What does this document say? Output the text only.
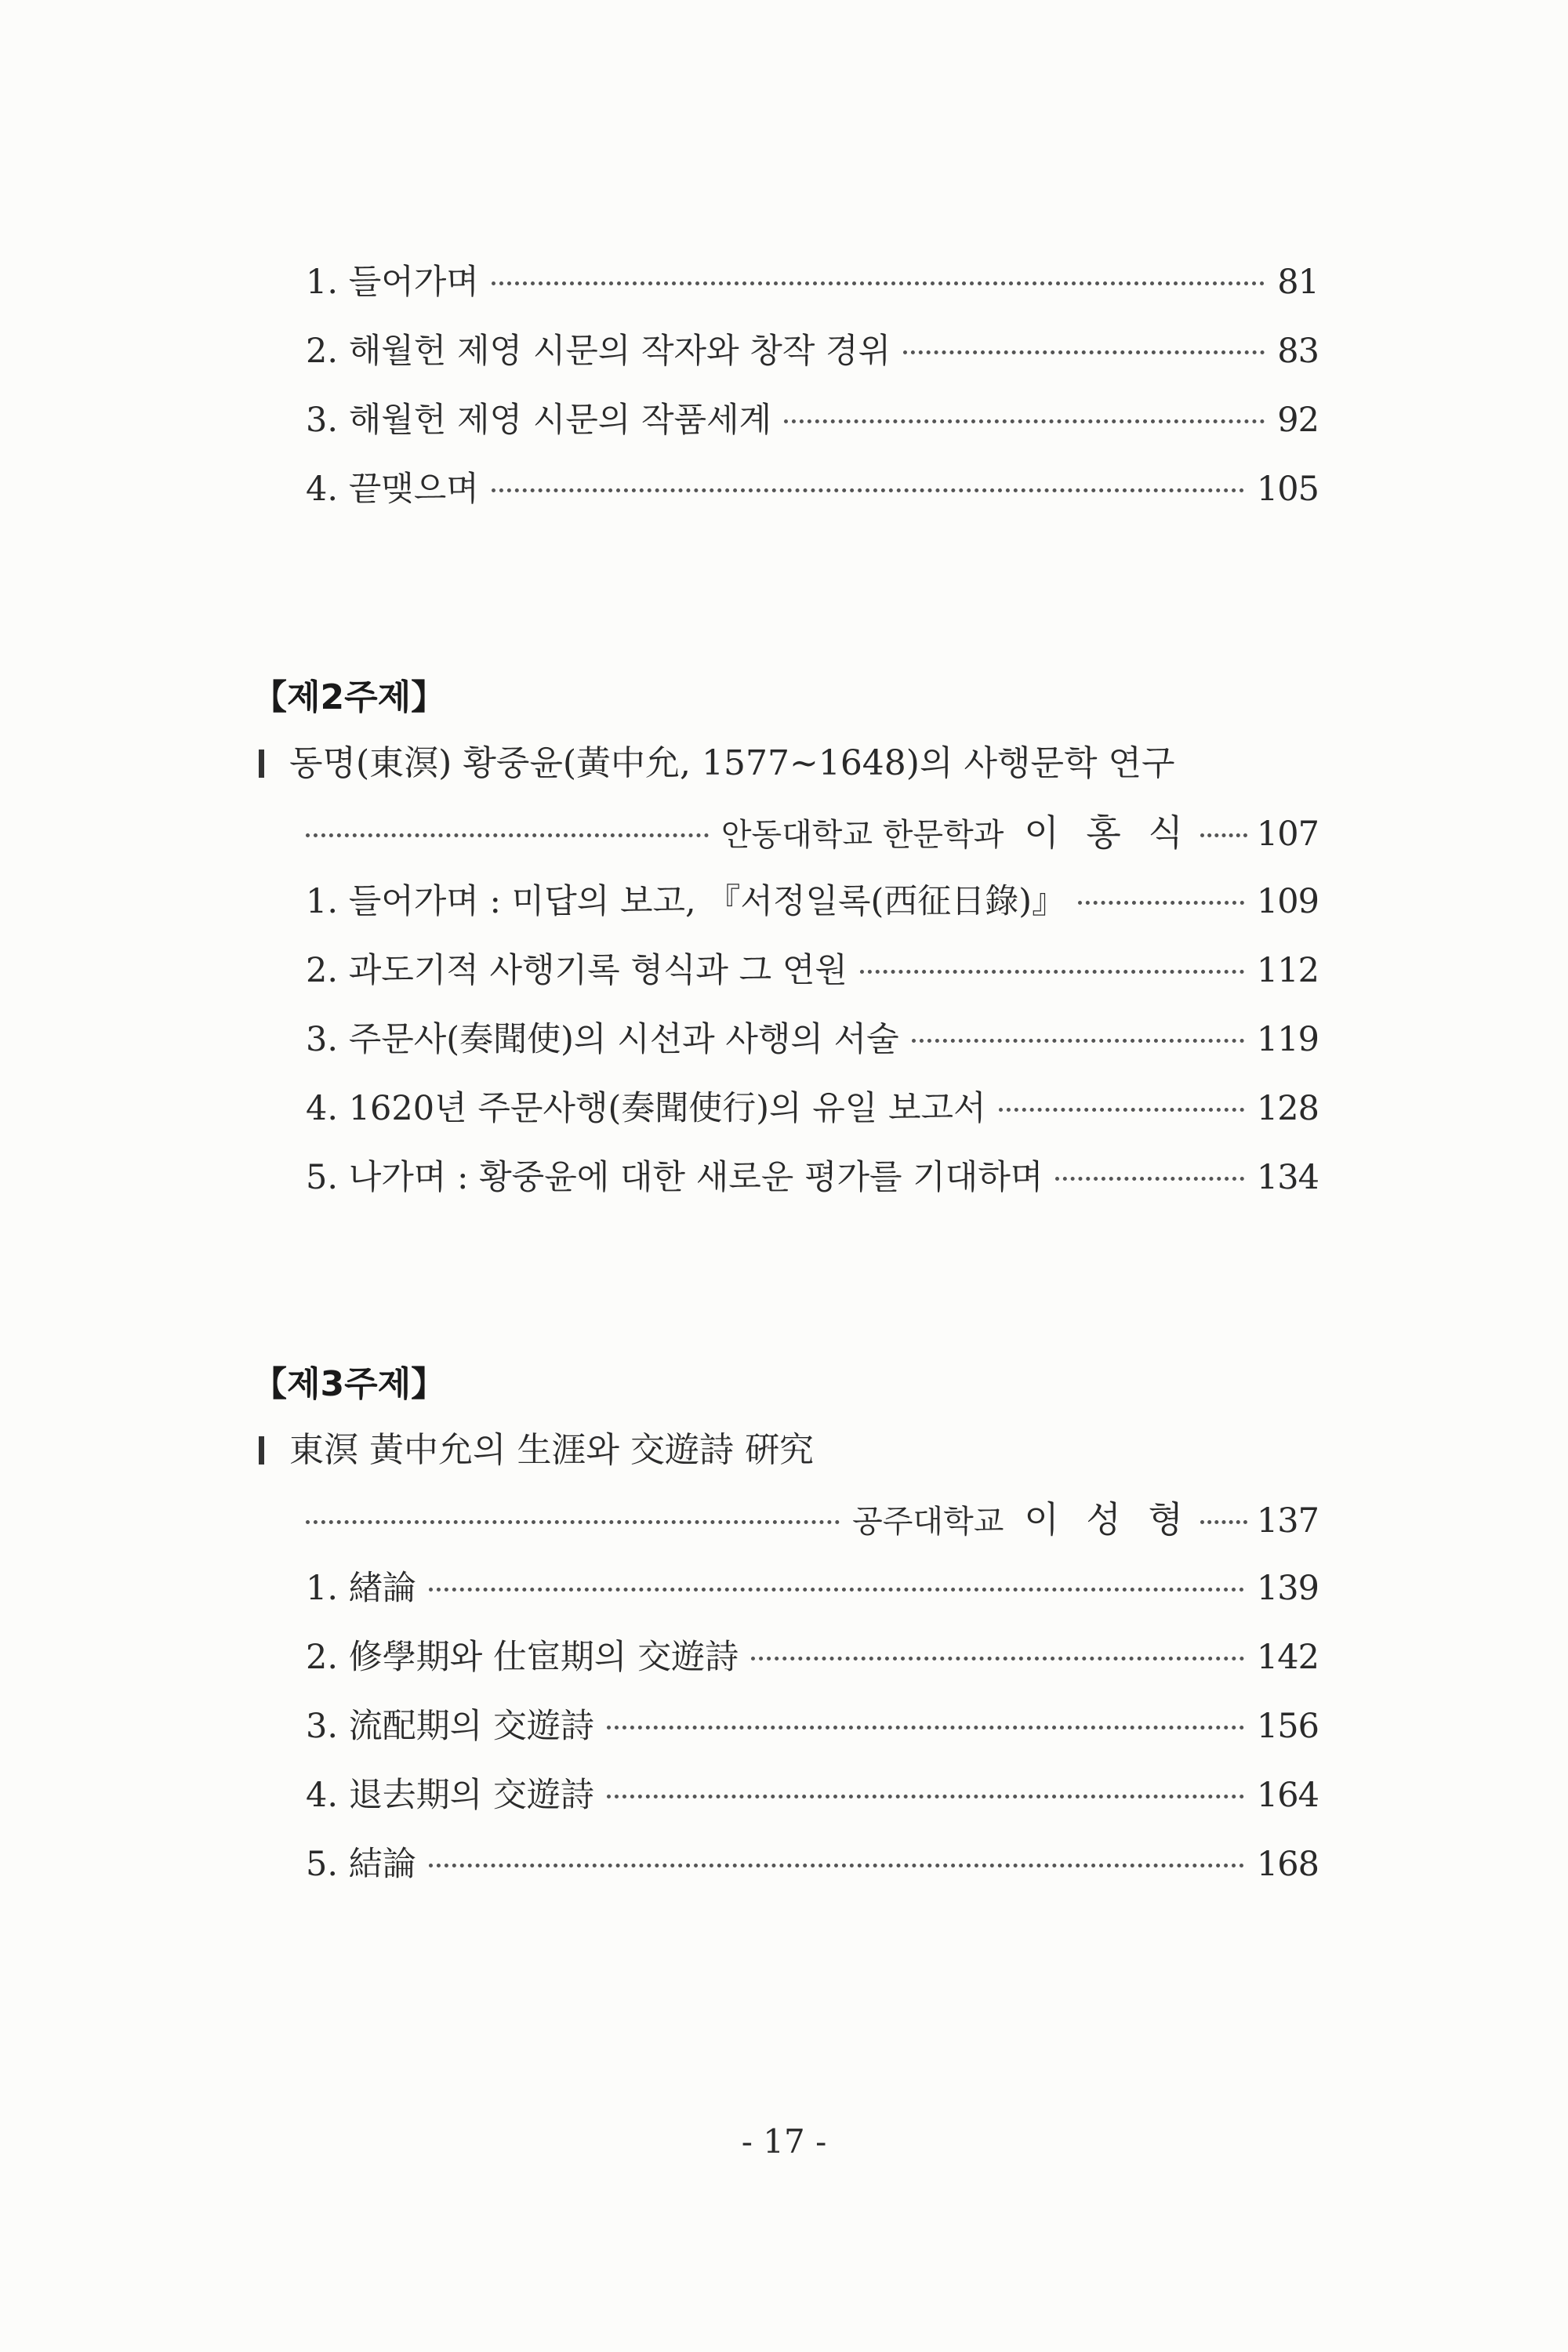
1. 들어가며	81
2. 해월헌 제영 시문의 작자와 창작 경위	83
3. 해월헌 제영 시문의 작품세계	92
4. 끝맺으며	105
【제2주제】
동명(東溟) 황중윤(黃中允, 1577~1648)의 사행문학 연구
안동대학교 한문학과 이 홍 식 107
1. 들어가며 : 미답의 보고, 『서정일록(西征日錄)』	109
2. 과도기적 사행기록 형식과 그 연원	112
3. 주문사(奏聞使)의 시선과 사행의 서술	119
4. 1620년 주문사행(奏聞使行)의 유일 보고서	128
5. 나가며 : 황중윤에 대한 새로운 평가를 기대하며	134
【제3주제】
東溟 黃中允의 生涯와 交遊詩 硏究
공주대학교 이 성 형 137
1. 緖論	139
2. 修學期와 仕宦期의 交遊詩	142
3. 流配期의 交遊詩	156
4. 退去期의 交遊詩	164
5. 結論	168
- 17 -
